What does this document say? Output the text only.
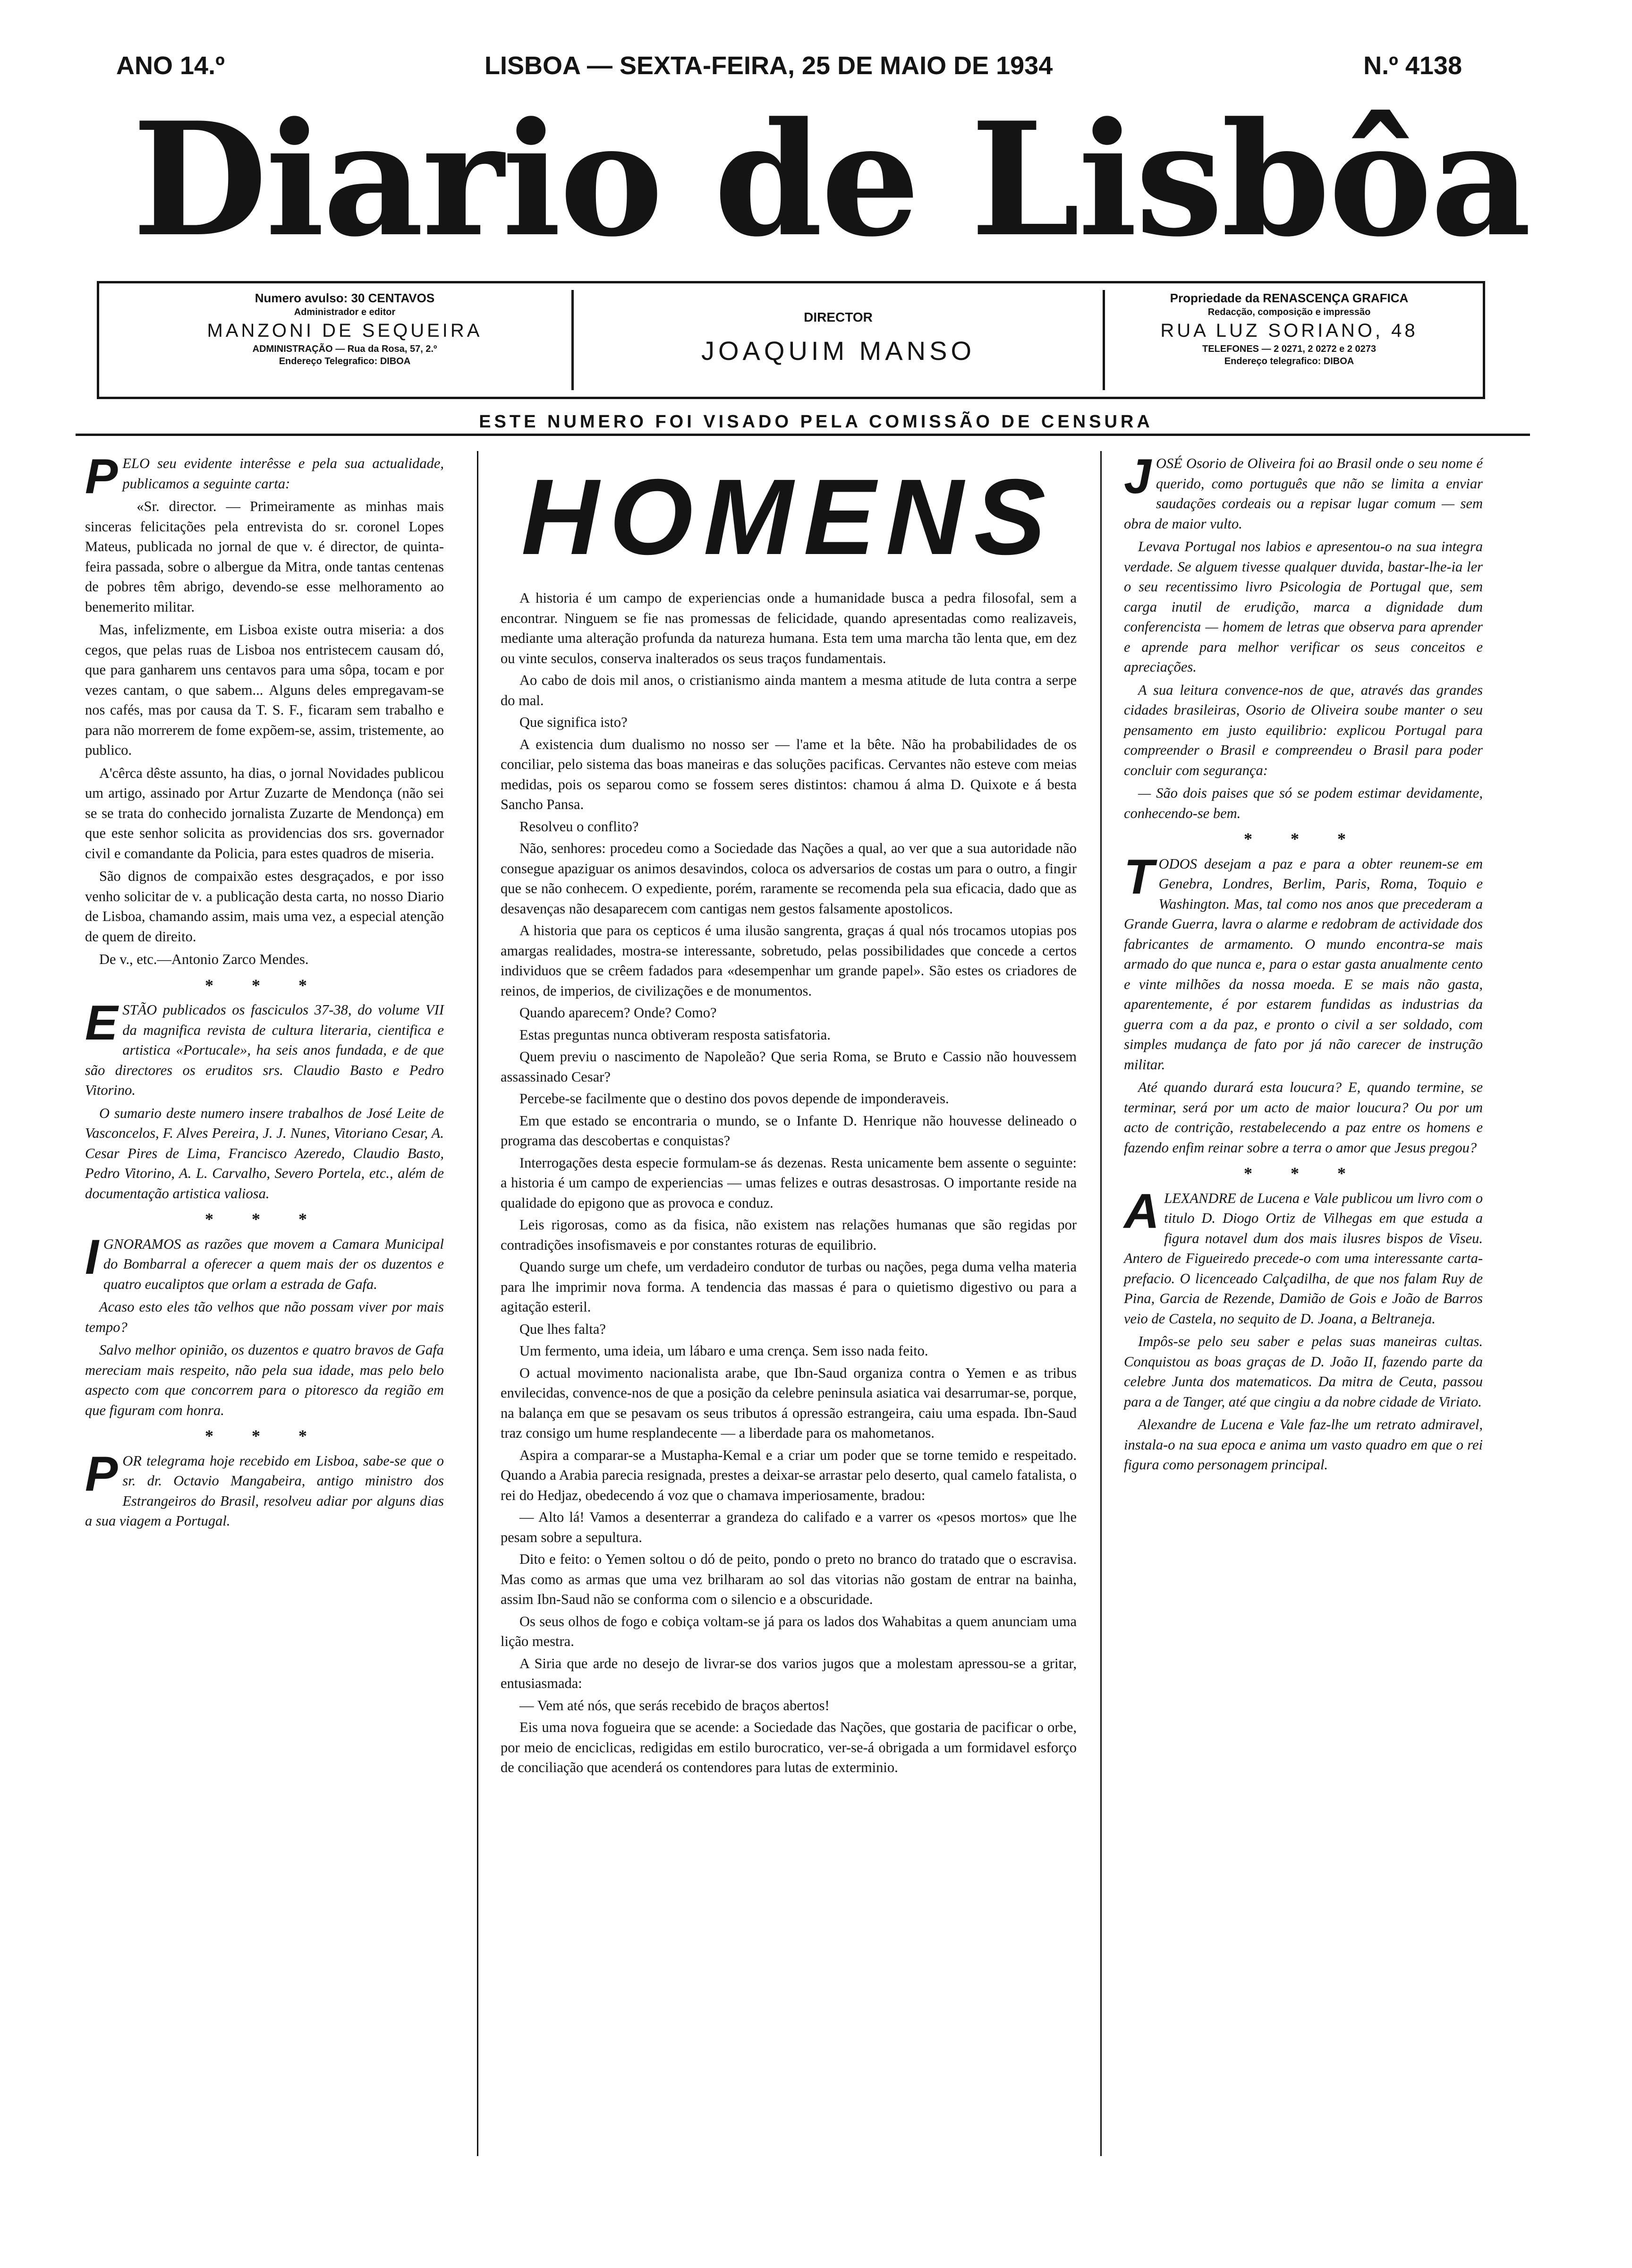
ANO 14.º	LISBOA — SEXTA-FEIRA, 25 DE MAIO DE 1934	N.º 4138
Diario de Lisbôa
Numero avulso: 30 CENTAVOS
Administrador e editor
MANZONI DE SEQUEIRA
ADMINISTRAÇÃO — Rua da Rosa, 57, 2.º
Endereço Telegrafico: DIBOA
DIRECTOR
JOAQUIM MANSO
Propriedade da RENASCENÇA GRAFICA
Redacção, composição e impressão
RUA LUZ SORIANO, 48
TELEFONES — 2 0271, 2 0272 e 2 0273
Endereço telegrafico: DIBOA
ESTE NUMERO FOI VISADO PELA COMISSÃO DE CENSURA

PELO seu evidente interêsse e pela sua actualidade, publicamos a seguinte carta:

«Sr. director. — Primeiramente as minhas mais sinceras felicitações pela entrevista do sr. coronel Lopes Mateus, publicada no jornal de que v. é director, de quinta-feira passada, sobre o albergue da Mitra, onde tantas centenas de pobres têm abrigo, devendo-se esse melhoramento ao benemerito militar.

Mas, infelizmente, em Lisboa existe outra miseria: a dos cegos, que pelas ruas de Lisboa nos entristecem causam dó, que para ganharem uns centavos para uma sôpa, tocam e por vezes cantam, o que sabem... Alguns deles empregavam-se nos cafés, mas por causa da T. S. F., ficaram sem trabalho e para não morrerem de fome expõem-se, assim, tristemente, ao publico.

A'cêrca dêste assunto, ha dias, o jornal Novidades publicou um artigo, assinado por Artur Zuzarte de Mendonça (não sei se se trata do conhecido jornalista Zuzarte de Mendonça) em que este senhor solicita as providencias dos srs. governador civil e comandante da Policia, para estes quadros de miseria.

São dignos de compaixão estes desgraçados, e por isso venho solicitar de v. a publicação desta carta, no nosso Diario de Lisboa, chamando assim, mais uma vez, a especial atenção de quem de direito.

De v., etc.—Antonio Zarco Mendes.

* * *

ESTÃO publicados os fasciculos 37-38, do volume VII da magnifica revista de cultura literaria, cientifica e artistica «Portucale», ha seis anos fundada, e de que são directores os eruditos srs. Claudio Basto e Pedro Vitorino.

O sumario deste numero insere trabalhos de José Leite de Vasconcelos, F. Alves Pereira, J. J. Nunes, Vitoriano Cesar, A. Cesar Pires de Lima, Francisco Azeredo, Claudio Basto, Pedro Vitorino, A. L. Carvalho, Severo Portela, etc., além de documentação artistica valiosa.

* * *

IGNORAMOS as razões que movem a Camara Municipal do Bombarral a oferecer a quem mais der os duzentos e quatro eucaliptos que orlam a estrada de Gafa.

Acaso esto eles tão velhos que não possam viver por mais tempo?

Salvo melhor opinião, os duzentos e quatro bravos de Gafa mereciam mais respeito, não pela sua idade, mas pelo belo aspecto com que concorrem para o pitoresco da região em que figuram com honra.

* * *

POR telegrama hoje recebido em Lisboa, sabe-se que o sr. dr. Octavio Mangabeira, antigo ministro dos Estrangeiros do Brasil, resolveu adiar por alguns dias a sua viagem a Portugal.

HOMENS

A historia é um campo de experiencias onde a humanidade busca a pedra filosofal, sem a encontrar. Ninguem se fie nas promessas de felicidade, quando apresentadas como realizaveis, mediante uma alteração profunda da natureza humana. Esta tem uma marcha tão lenta que, em dez ou vinte seculos, conserva inalterados os seus traços fundamentais.

Ao cabo de dois mil anos, o cristianismo ainda mantem a mesma atitude de luta contra a serpe do mal.

Que significa isto?

A existencia dum dualismo no nosso ser — l'ame et la bête. Não ha probabilidades de os conciliar, pelo sistema das boas maneiras e das soluções pacificas. Cervantes não esteve com meias medidas, pois os separou como se fossem seres distintos: chamou á alma D. Quixote e á besta Sancho Pansa.

Resolveu o conflito?

Não, senhores: procedeu como a Sociedade das Nações a qual, ao ver que a sua autoridade não consegue apaziguar os animos desavindos, coloca os adversarios de costas um para o outro, a fingir que se não conhecem. O expediente, porém, raramente se recomenda pela sua eficacia, dado que as desavenças não desaparecem com cantigas nem gestos falsamente apostolicos.

A historia que para os cepticos é uma ilusão sangrenta, graças á qual nós trocamos utopias pos amargas realidades, mostra-se interessante, sobretudo, pelas possibilidades que concede a certos individuos que se crêem fadados para «desempenhar um grande papel». São estes os criadores de reinos, de imperios, de civilizações e de monumentos.

Quando aparecem? Onde? Como?

Estas preguntas nunca obtiveram resposta satisfatoria.

Quem previu o nascimento de Napoleão? Que seria Roma, se Bruto e Cassio não houvessem assassinado Cesar?

Percebe-se facilmente que o destino dos povos depende de imponderaveis.

Em que estado se encontraria o mundo, se o Infante D. Henrique não houvesse delineado o programa das descobertas e conquistas?

Interrogações desta especie formulam-se ás dezenas. Resta unicamente bem assente o seguinte: a historia é um campo de experiencias — umas felizes e outras desastrosas. O importante reside na qualidade do epigono que as provoca e conduz.

Leis rigorosas, como as da fisica, não existem nas relações humanas que são regidas por contradições insofismaveis e por constantes roturas de equilibrio.

Quando surge um chefe, um verdadeiro condutor de turbas ou nações, pega duma velha materia para lhe imprimir nova forma. A tendencia das massas é para o quietismo digestivo ou para a agitação esteril.

Que lhes falta?

Um fermento, uma ideia, um lábaro e uma crença. Sem isso nada feito.

O actual movimento nacionalista arabe, que Ibn-Saud organiza contra o Yemen e as tribus envilecidas, convence-nos de que a posição da celebre peninsula asiatica vai desarrumar-se, porque, na balança em que se pesavam os seus tributos á opressão estrangeira, caiu uma espada. Ibn-Saud traz consigo um hume resplandecente — a liberdade para os mahometanos.

Aspira a comparar-se a Mustapha-Kemal e a criar um poder que se torne temido e respeitado. Quando a Arabia parecia resignada, prestes a deixar-se arrastar pelo deserto, qual camelo fatalista, o rei do Hedjaz, obedecendo á voz que o chamava imperiosamente, bradou:

— Alto lá! Vamos a desenterrar a grandeza do califado e a varrer os «pesos mortos» que lhe pesam sobre a sepultura.

Dito e feito: o Yemen soltou o dó de peito, pondo o preto no branco do tratado que o escravisa. Mas como as armas que uma vez brilharam ao sol das vitorias não gostam de entrar na bainha, assim Ibn-Saud não se conforma com o silencio e a obscuridade.

Os seus olhos de fogo e cobiça voltam-se já para os lados dos Wahabitas a quem anunciam uma lição mestra.

A Siria que arde no desejo de livrar-se dos varios jugos que a molestam apressou-se a gritar, entusiasmada:

— Vem até nós, que serás recebido de braços abertos!

Eis uma nova fogueira que se acende: a Sociedade das Nações, que gostaria de pacificar o orbe, por meio de enciclicas, redigidas em estilo burocratico, ver-se-á obrigada a um formidavel esforço de conciliação que acenderá os contendores para lutas de exterminio.

JOSÉ Osorio de Oliveira foi ao Brasil onde o seu nome é querido, como português que não se limita a enviar saudações cordeais ou a repisar lugar comum — sem obra de maior vulto.

Levava Portugal nos labios e apresentou-o na sua integra verdade. Se alguem tivesse qualquer duvida, bastar-lhe-ia ler o seu recentissimo livro Psicologia de Portugal que, sem carga inutil de erudição, marca a dignidade dum conferencista — homem de letras que observa para aprender e aprende para melhor verificar os seus conceitos e apreciações.

A sua leitura convence-nos de que, através das grandes cidades brasileiras, Osorio de Oliveira soube manter o seu pensamento em justo equilibrio: explicou Portugal para compreender o Brasil e compreendeu o Brasil para poder concluir com segurança:

— São dois paises que só se podem estimar devidamente, conhecendo-se bem.

* * *

TODOS desejam a paz e para a obter reunem-se em Genebra, Londres, Berlim, Paris, Roma, Toquio e Washington. Mas, tal como nos anos que precederam a Grande Guerra, lavra o alarme e redobram de actividade dos fabricantes de armamento. O mundo encontra-se mais armado do que nunca e, para o estar gasta anualmente cento e vinte milhões da nossa moeda. E se mais não gasta, aparentemente, é por estarem fundidas as industrias da guerra com a da paz, e pronto o civil a ser soldado, com simples mudança de fato por já não carecer de instrução militar.

Até quando durará esta loucura? E, quando termine, se terminar, será por um acto de maior loucura? Ou por um acto de contrição, restabelecendo a paz entre os homens e fazendo enfim reinar sobre a terra o amor que Jesus pregou?

* * *

ALEXANDRE de Lucena e Vale publicou um livro com o titulo D. Diogo Ortiz de Vilhegas em que estuda a figura notavel dum dos mais ilusres bispos de Viseu. Antero de Figueiredo precede-o com uma interessante carta-prefacio. O licenceado Calçadilha, de que nos falam Ruy de Pina, Garcia de Rezende, Damião de Gois e João de Barros veio de Castela, no sequito de D. Joana, a Beltraneja.

Impôs-se pelo seu saber e pelas suas maneiras cultas. Conquistou as boas graças de D. João II, fazendo parte da celebre Junta dos matematicos. Da mitra de Ceuta, passou para a de Tanger, até que cingiu a da nobre cidade de Viriato.

Alexandre de Lucena e Vale faz-lhe um retrato admiravel, instala-o na sua epoca e anima um vasto quadro em que o rei figura como personagem principal.
